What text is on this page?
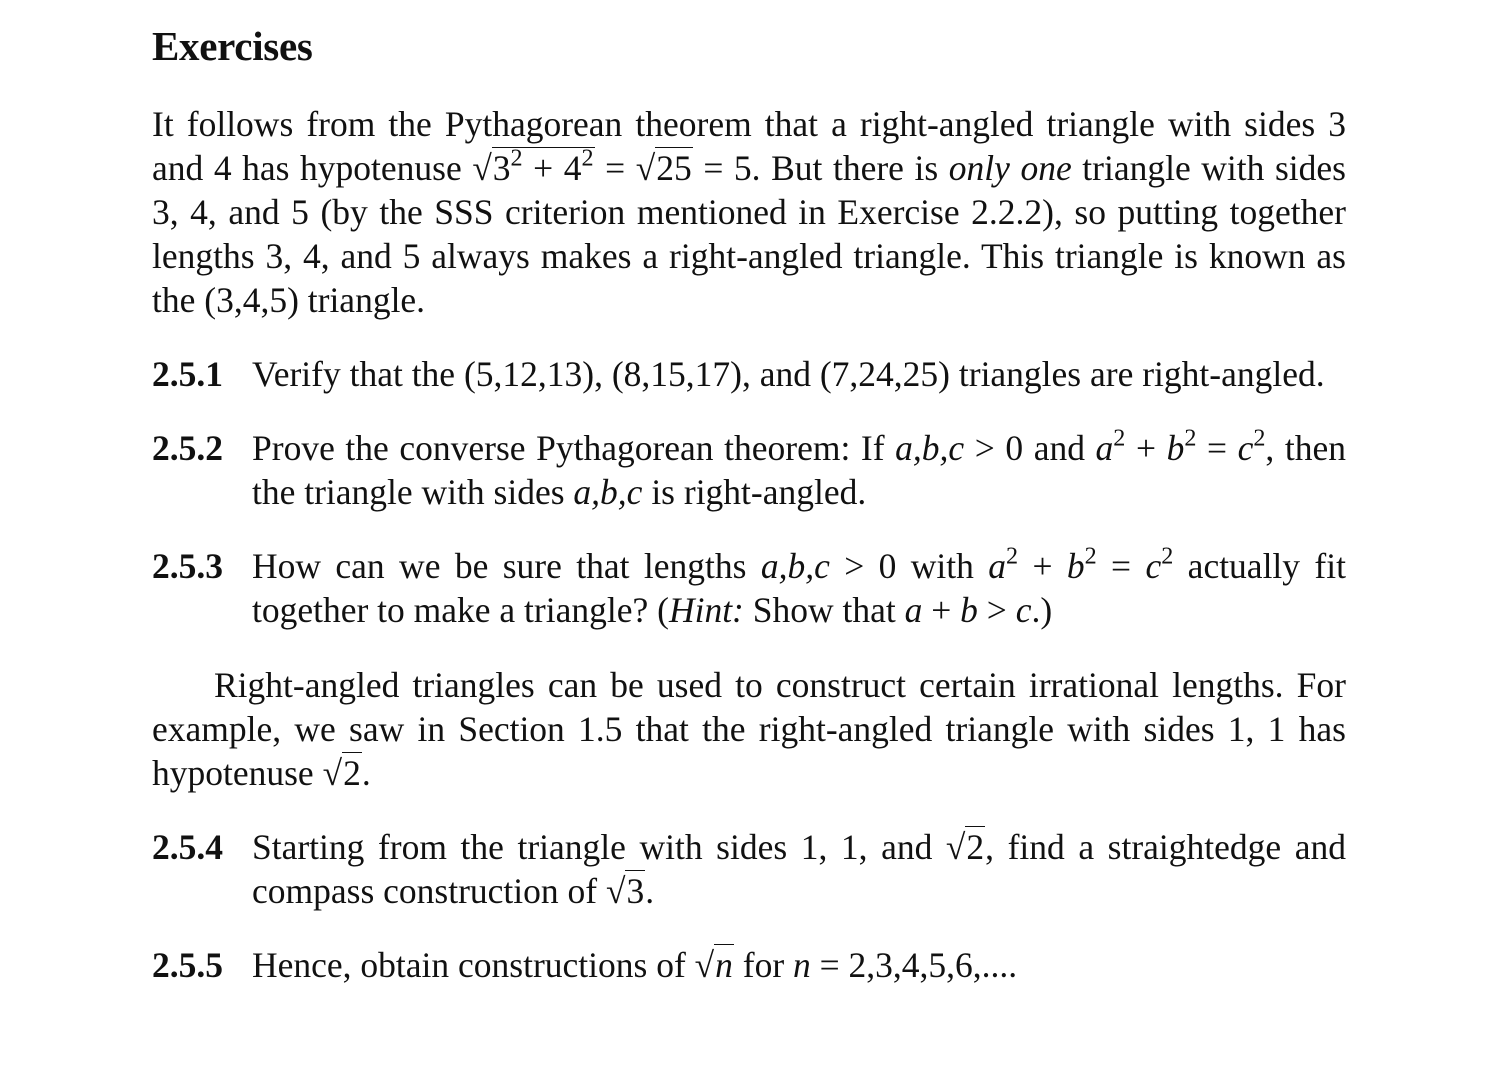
Exercises

It follows from the Pythagorean theorem that a right-angled triangle with sides 3 and 4 has hypotenuse $√3^2 + 4^2 = √25 = 5$. But there is only one triangle with sides 3, 4, and 5 (by the SSS criterion mentioned in Exercise 2.2.2), so putting together lengths 3, 4, and 5 always makes a right-angled triangle. This triangle is known as the (3,4,5) triangle.

2.5.1 Verify that the (5,12,13), (8,15,17), and (7,24,25) triangles are right-angled.
2.5.2 Prove the converse Pythagorean theorem: If a,b,c > 0 and $a^2 + b^2 = c^2$, then the triangle with sides a,b,c is right-angled.
2.5.3 How can we be sure that lengths a,b,c > 0 with $a^2 + b^2 = c^2$ actually fit together to make a triangle? (Hint: Show that a + b > c.)

Right-angled triangles can be used to construct certain irrational lengths. For example, we saw in Section 1.5 that the right-angled triangle with sides 1, 1 has hypotenuse √2.

2.5.4 Starting from the triangle with sides 1, 1, and √2, find a straightedge and compass construction of √3.
2.5.5 Hence, obtain constructions of √n for n = 2,3,4,5,6,....
